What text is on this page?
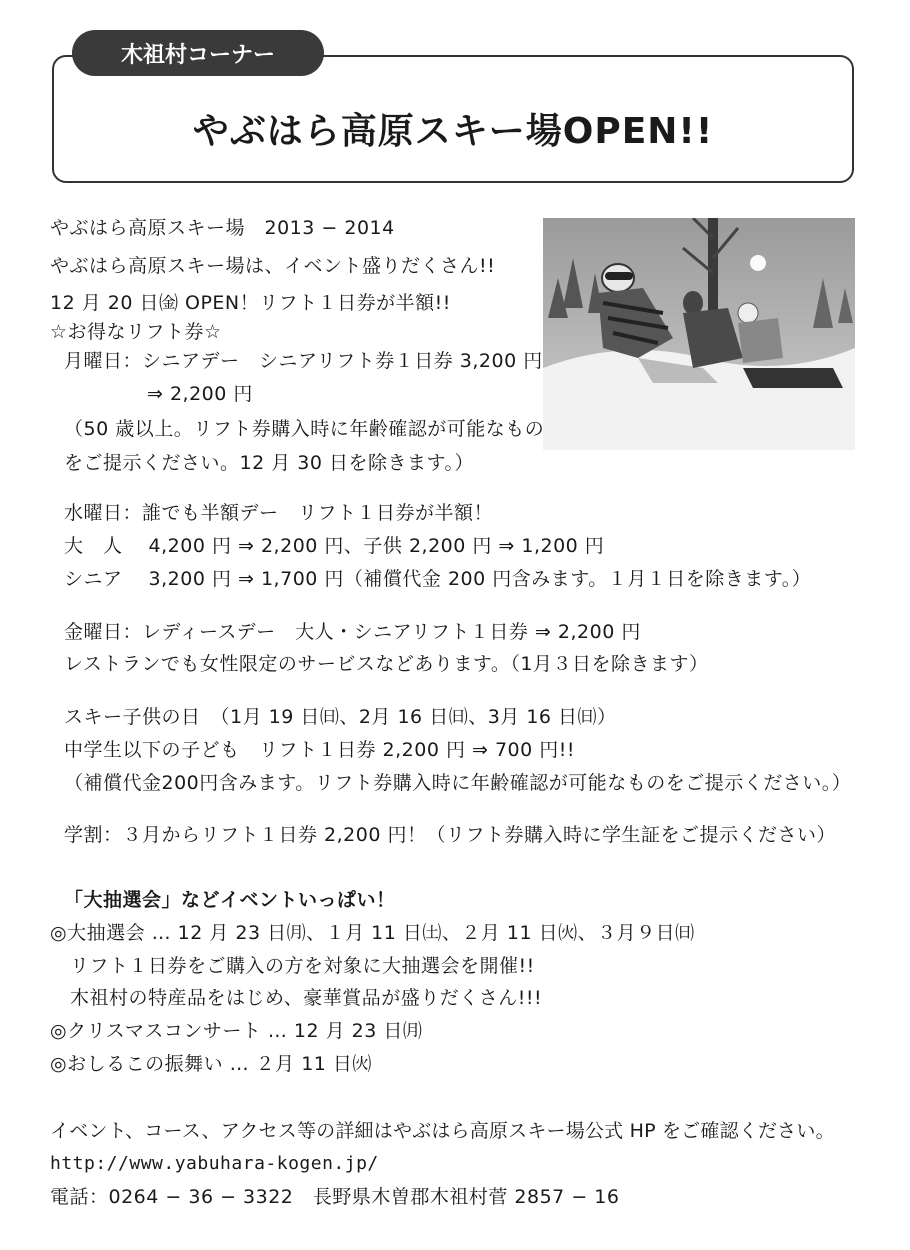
やぶはら高原スキー場OPEN!!
木祖村コーナー
やぶはら高原スキー場　2013 − 2014
やぶはら高原スキー場は、イベント盛りだくさん!!
12 月 20 日㈮ OPEN！リフト１日券が半額!!
☆お得なリフト券☆
月曜日：シニアデー　シニアリフト券１日券 3,200 円
⇒ 2,200 円
（50 歳以上。リフト券購入時に年齢確認が可能なもの
をご提示ください。12 月 30 日を除きます。）
水曜日：誰でも半額デー　リフト１日券が半額！
大　人　 4,200 円 ⇒ 2,200 円、子供 2,200 円 ⇒ 1,200 円
シニア　 3,200 円 ⇒ 1,700 円（補償代金 200 円含みます。１月１日を除きます。）
金曜日：レディースデー　大人・シニアリフト１日券 ⇒ 2,200 円
レストランでも女性限定のサービスなどあります。（1月３日を除きます）
スキー子供の日　（1月 19 日㈰、2月 16 日㈰、3月 16 日㈰）
中学生以下の子ども　リフト１日券 2,200 円 ⇒ 700 円!!
（補償代金200円含みます。リフト券購入時に年齢確認が可能なものをご提示ください。）
学割：３月からリフト１日券 2,200 円！（リフト券購入時に学生証をご提示ください）
「大抽選会」などイベントいっぱい！
◎大抽選会 … 12 月 23 日㈪、１月 11 日㈯、２月 11 日㈫、３月９日㈰
リフト１日券をご購入の方を対象に大抽選会を開催!!
木祖村の特産品をはじめ、豪華賞品が盛りだくさん!!!
◎クリスマスコンサート … 12 月 23 日㈪
◎おしるこの振舞い … ２月 11 日㈫
イベント、コース、アクセス等の詳細はやぶはら高原スキー場公式 HP をご確認ください。
http://www.yabuhara-kogen.jp/
電話：0264 − 36 − 3322　長野県木曽郡木祖村菅 2857 − 16
